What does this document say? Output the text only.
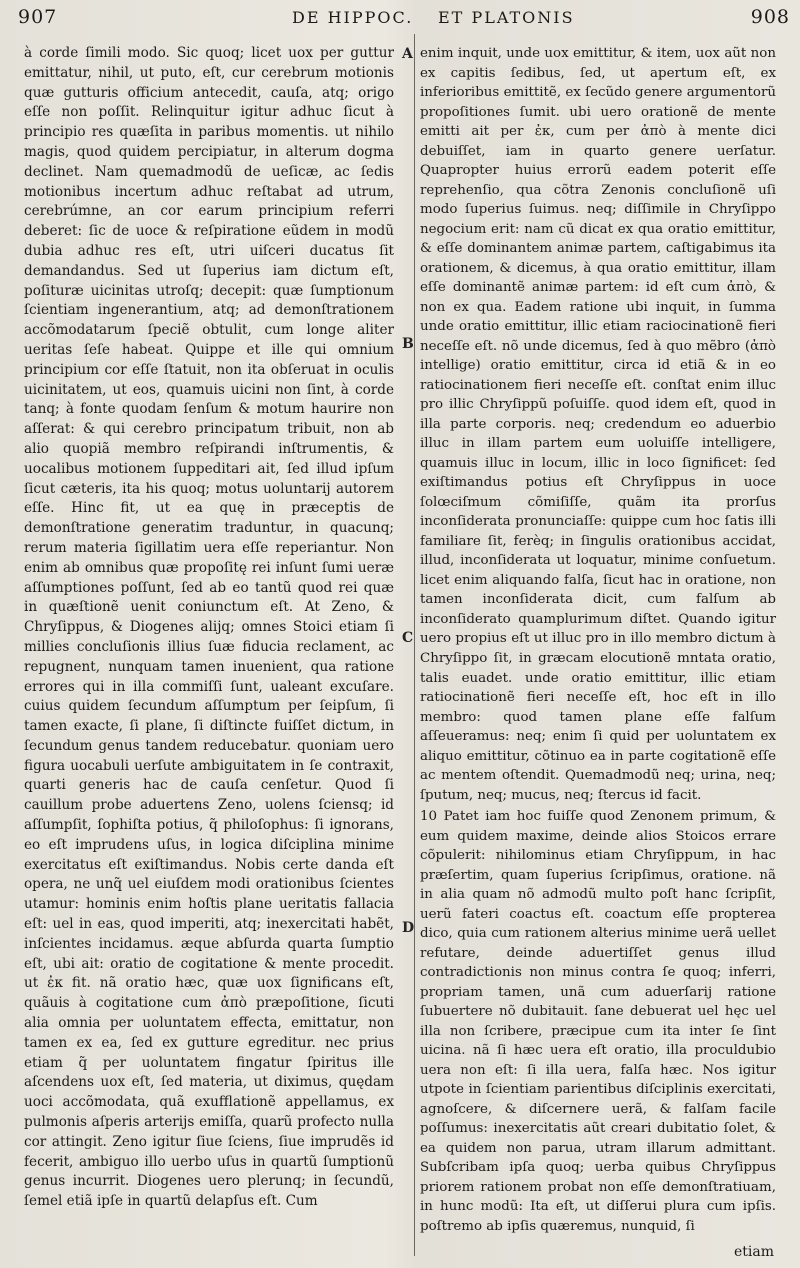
907	DE HIPPOC. ET PLATONIS	908
A
B
C
D

à corde ſimili modo. Sic quoq; licet uox per guttur emittatur, nihil, ut puto, eſt, cur cerebrum motionis quæ gutturis officium antecedit, cauſa, atq; origo eſſe non poſſit. Relinquitur igitur adhuc ſicut à principio res quæſita in paribus momentis. ut nihilo magis, quod quidem percipiatur, in alterum dogma declinet. Nam quemadmodũ de ueſicæ, ac ſedis motionibus incertum adhuc reſtabat ad utrum, cerebrúmne, an cor earum principium referri deberet: ſic de uoce & reſpiratione eũdem in modũ dubia adhuc res eſt, utri uiſceri ducatus ſit demandandus. Sed ut ſuperius iam dictum eſt, poſituræ uicinitas utroſq; decepit: quæ ſumptionum ſcientiam ingenerantium, atq; ad demonſtrationem accõmodatarum ſpeciẽ obtulit, cum longe aliter ueritas ſeſe habeat. Quippe et ille qui omnium principium cor eſſe ſtatuit, non ita obſeruat in oculis uicinitatem, ut eos, quamuis uicini non ſint, à corde tanq; à fonte quodam ſenſum & motum haurire non aſſerat: & qui cerebro principatum tribuit, non ab alio quopiã membro reſpirandi inſtrumentis, & uocalibus motionem ſuppeditari ait, ſed illud ipſum ſicut cæteris, ita his quoq; motus uoluntarij autorem eſſe. Hinc fit, ut ea quę in præceptis de demonſtratione generatim traduntur, in quacunq; rerum materia ſigillatim uera eſſe reperiantur. Non enim ab omnibus quæ propoſitę rei inſunt ſumi ueræ aſſumptiones poſſunt, ſed ab eo tantũ quod rei quæ in quæſtionẽ uenit coniunctum eſt. At Zeno, & Chryſippus, & Diogenes alijq; omnes Stoici etiam ſi millies concluſionis illius ſuæ fiducia reclament, ac repugnent, nunquam tamen inuenient, qua ratione errores qui in illa commiſſi ſunt, ualeant excuſare. cuius quidem ſecundum aſſumptum per ſeipſum, ſi tamen exacte, ſi plane, ſi diſtincte fuiſſet dictum, in ſecundum genus tandem reducebatur. quoniam uero figura uocabuli uerſute ambiguitatem in ſe contraxit, quarti generis hac de cauſa cenſetur. Quod ſi cauillum probe aduertens Zeno, uolens ſciensq; id aſſumpſit, ſophiſta potius, q̃ philoſophus: ſi ignorans, eo eſt imprudens uſus, in logica diſciplina minime exercitatus eſt exiſtimandus. Nobis certe danda eſt opera, ne unq̃ uel eiuſdem modi orationibus ſcientes utamur: hominis enim hoſtis plane ueritatis fallacia eſt: uel in eas, quod imperiti, atq; inexercitati habẽt, inſcientes incidamus. æque abſurda quarta ſumptio eſt, ubi ait: oratio de cogitatione & mente procedit. ut ἐκ fit. nã oratio hæc, quæ uox ſignificans eſt, quãuis à cogitatione cum ἀπὸ præpoſitione, ſicuti alia omnia per uoluntatem effecta, emittatur, non tamen ex ea, ſed ex gutture egreditur. nec prius etiam q̃ per uoluntatem fingatur ſpiritus ille aſcendens uox eſt, ſed materia, ut diximus, quędam uoci accõmodata, quã exufflationẽ appellamus, ex pulmonis aſperis arterijs emiſſa, quarũ profecto nulla cor attingit. Zeno igitur ſiue ſciens, ſiue imprudẽs id fecerit, ambiguo illo uerbo uſus in quartũ ſumptionũ genus incurrit. Diogenes uero plerunq; in ſecundũ, ſemel etiã ipſe in quartũ delapſus eſt. Cum

enim inquit, unde uox emittitur, & item, uox aũt non ex capitis ſedibus, ſed, ut apertum eſt, ex inferioribus emittitẽ, ex ſecũdo genere argumentorũ propoſitiones ſumit. ubi uero orationẽ de mente emitti ait per ἐκ, cum per ἀπὸ à mente dici debuiſſet, iam in quarto genere uerſatur. Quapropter huius errorũ eadem poterit eſſe reprehenſio, qua cõtra Zenonis concluſionẽ uſi modo ſuperius ſuimus. neq; diſſimile in Chryſippo negocium erit: nam cũ dicat ex qua oratio emittitur, & eſſe dominantem animæ partem, caſtigabimus ita orationem, & dicemus, à qua oratio emittitur, illam eſſe dominantẽ animæ partem: id eſt cum ἀπὸ, & non ex qua. Eadem ratione ubi inquit, in ſumma unde oratio emittitur, illic etiam raciocinationẽ fieri neceſſe eſt. nõ unde dicemus, ſed à quo mẽbro (ἀπὸ intellige) oratio emittitur, circa id etiã & in eo ratiocinationem fieri neceſſe eſt. conſtat enim illuc pro illic Chryſippũ poſuiſſe. quod idem eſt, quod in illa parte corporis. neq; credendum eo aduerbio illuc in illam partem eum uoluiſſe intelligere, quamuis illuc in locum, illic in loco ſignificet: ſed exiſtimandus potius eſt Chryſippus in uoce ſolœciſmum cõmiſiſſe, quãm ita prorſus inconſiderata pronunciaſſe: quippe cum hoc ſatis illi familiare ſit, ferèq; in ſingulis orationibus accidat, illud, inconſiderata ut loquatur, minime conſuetum. licet enim aliquando falſa, ſicut hac in oratione, non tamen inconſiderata dicit, cum falſum ab inconſiderato quamplurimum diſtet. Quando igitur uero propius eſt ut illuc pro in illo membro dictum à Chryſippo ſit, in græcam elocutionẽ mntata oratio, talis euadet. unde oratio emittitur, illic etiam ratiocinationẽ fieri neceſſe eſt, hoc eſt in illo membro: quod tamen plane eſſe falſum aſſeueramus: neq; enim ſi quid per uoluntatem ex aliquo emittitur, cõtinuo ea in parte cogitationẽ eſſe ac mentem oſtendit. Quemadmodũ neq; urina, neq; ſputum, neq; mucus, neq; ſtercus id facit.

10 Patet iam hoc fuiſſe quod Zenonem primum, & eum quidem maxime, deinde alios Stoicos errare cõpulerit: nihilominus etiam Chryſippum, in hac præſertim, quam ſuperius ſcripſimus, oratione. nã in alia quam nõ admodũ multo poſt hanc ſcripſit, uerũ fateri coactus eſt. coactum eſſe propterea dico, quia cum rationem alterius minime uerã uellet refutare, deinde aduertiſſet genus illud contradictionis non minus contra ſe quoq; inferri, propriam tamen, unã cum aduerſarij ratione ſubuertere nõ dubitauit. ſane debuerat uel hęc uel illa non ſcribere, præcipue cum ita inter ſe ſint uicina. nã ſi hæc uera eſt oratio, illa proculdubio uera non eſt: ſi illa uera, falſa hæc. Nos igitur utpote in ſcientiam parientibus diſciplinis exercitati, agnoſcere, & diſcernere uerã, & falſam facile poſſumus: inexercitatis aũt creari dubitatio ſolet, & ea quidem non parua, utram illarum admittant. Subſcribam ipſa quoq; uerba quibus Chryſippus priorem rationem probat non eſſe demonſtratiuam, in hunc modũ: Ita eſt, ut diſſerui plura cum ipſis. poſtremo ab ipſis quæremus, nunquid, ſi

etiam
